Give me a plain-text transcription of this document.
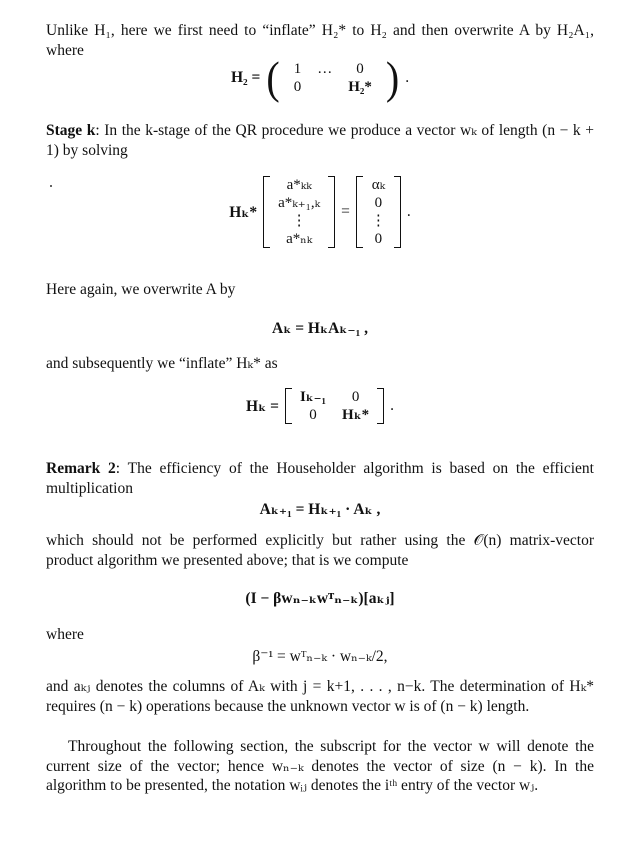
Unlike H₁, here we first need to “inflate” H₂* to H₂ and then overwrite A by H₂A₁, where

H₂ = ( 1	…	0
0		H₂* ) .

Stage k: In the k-stage of the QR procedure we produce a vector wₖ of length (n − k + 1) by solving

Hₖ*
a*ₖₖ
a*ₖ₊₁,ₖ
⋮
a*ₙₖ
=
αₖ
0
⋮
0
.

Here again, we overwrite A by

Aₖ = HₖAₖ₋₁ ,

and subsequently we “inflate” Hₖ* as

Hₖ =
Iₖ₋₁	0
0	Hₖ*
.

Remark 2: The efficiency of the Householder algorithm is based on the efficient multiplication

Aₖ₊₁ = Hₖ₊₁ · Aₖ ,

which should not be performed explicitly but rather using the 𝒪(n) matrix-vector product algorithm we presented above; that is we compute

(I − βwₙ₋ₖwᵀₙ₋ₖ)[aₖⱼ]

where

β⁻¹ = wᵀₙ₋ₖ · wₙ₋ₖ/2,

and aₖⱼ denotes the columns of Aₖ with j = k+1, . . . , n−k. The determination of Hₖ* requires (n − k) operations because the unknown vector w is of (n − k) length.

Throughout the following section, the subscript for the vector w will denote the current size of the vector; hence wₙ₋ₖ denotes the vector of size (n − k). In the algorithm to be presented, the notation wᵢⱼ denotes the iᵗʰ entry of the vector wⱼ.
